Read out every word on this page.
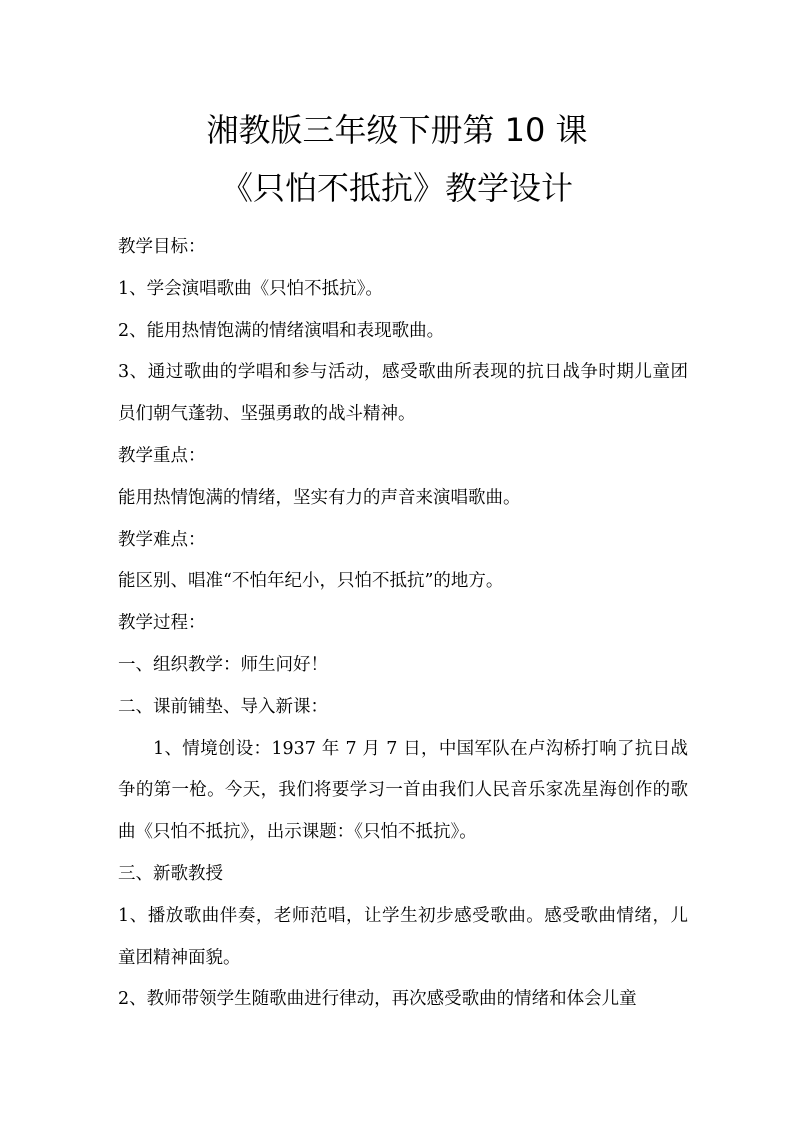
湘教版三年级下册第 10 课
《只怕不抵抗》教学设计

教学目标：

1、学会演唱歌曲《只怕不抵抗》。

2、能用热情饱满的情绪演唱和表现歌曲。

3、通过歌曲的学唱和参与活动，感受歌曲所表现的抗日战争时期儿童团员们朝气蓬勃、坚强勇敢的战斗精神。

教学重点：

能用热情饱满的情绪，坚实有力的声音来演唱歌曲。

教学难点：

能区别、唱准“不怕年纪小，只怕不抵抗”的地方。

教学过程：

一、组织教学：师生问好！

二、课前铺垫、导入新课：

1、情境创设：1937 年 7 月 7 日，中国军队在卢沟桥打响了抗日战争的第一枪。今天，我们将要学习一首由我们人民音乐家冼星海创作的歌曲《只怕不抵抗》，出示课题：《只怕不抵抗》。

三、新歌教授

1、播放歌曲伴奏，老师范唱，让学生初步感受歌曲。感受歌曲情绪，儿童团精神面貌。

2、教师带领学生随歌曲进行律动，再次感受歌曲的情绪和体会儿童
